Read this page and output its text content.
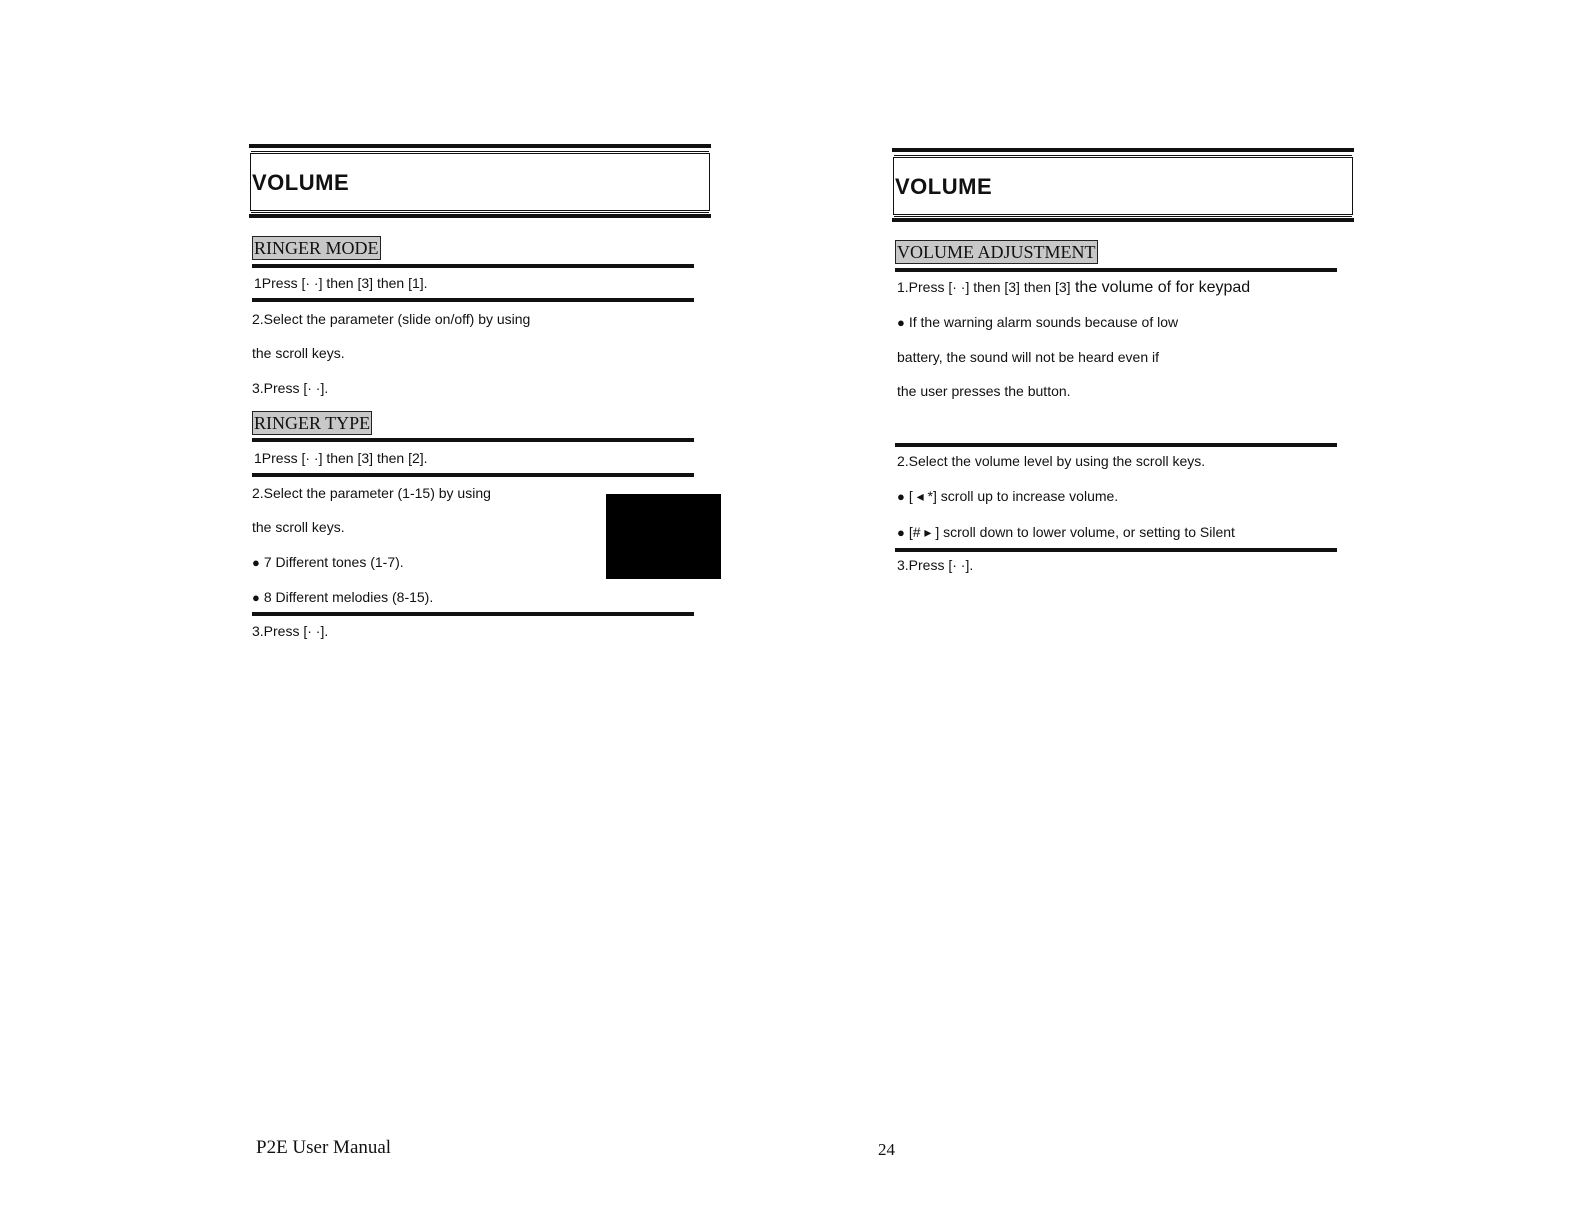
VOLUME
RINGER MODE
1Press [· ·] then [3] then [1].
2.Select the parameter (slide on/off) by using
the scroll keys.
3.Press [· ·].
RINGER TYPE
1Press [· ·] then [3] then [2].
2.Select the parameter (1-15) by using
the scroll keys.
● 7 Different tones (1-7).
● 8 Different melodies (8-15).
3.Press [· ·].
VOLUME
VOLUME ADJUSTMENT
1.Press [· ·] then [3] then [3] the volume of for keypad
● If the warning alarm sounds because of low
battery, the sound will not be heard even if
the user presses the button.
2.Select the volume level by using the scroll keys.
● [ ◂ *] scroll up to increase volume.
● [# ▸ ] scroll down to lower volume, or setting to Silent
3.Press [· ·].
P2E User Manual	24
